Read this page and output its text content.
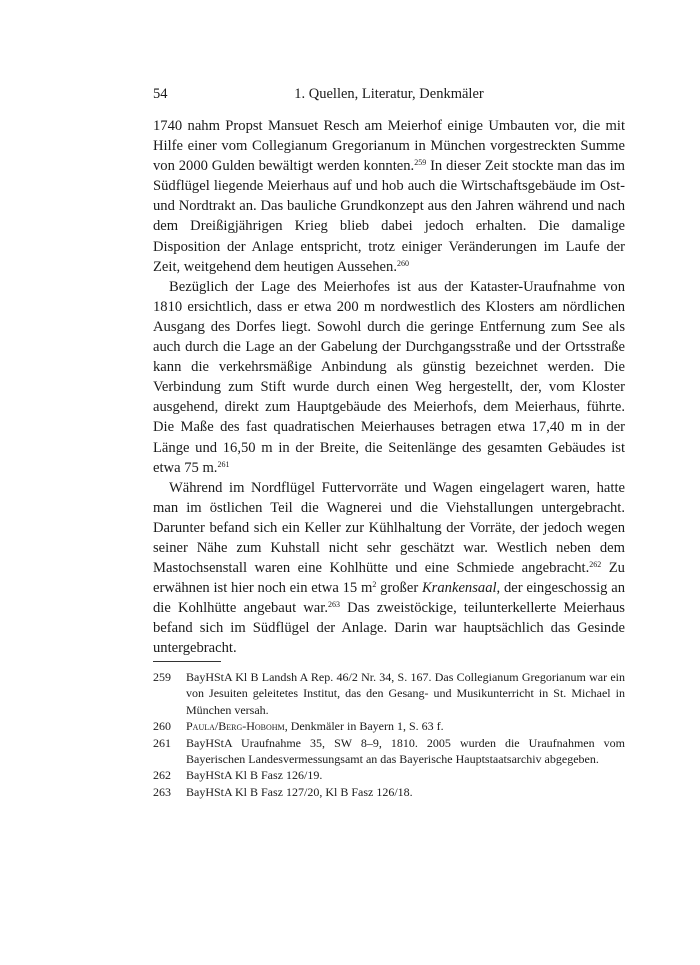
54	1. Quellen, Literatur, Denkmäler

1740 nahm Propst Mansuet Resch am Meierhof einige Umbauten vor, die mit Hilfe einer vom Collegianum Gregorianum in München vorgestreckten Summe von 2000 Gulden bewältigt werden konnten.$^{259}$ In dieser Zeit stockte man das im Südflügel liegende Meierhaus auf und hob auch die Wirtschaftsgebäude im Ost- und Nordtrakt an. Das bauliche Grundkonzept aus den Jahren während und nach dem Dreißigjährigen Krieg blieb dabei jedoch erhalten. Die damalige Disposition der Anlage entspricht, trotz einiger Veränderungen im Laufe der Zeit, weitgehend dem heutigen Aussehen.$^{260}$

Bezüglich der Lage des Meierhofes ist aus der Kataster-Uraufnahme von 1810 ersichtlich, dass er etwa 200 m nordwestlich des Klosters am nördlichen Ausgang des Dorfes liegt. Sowohl durch die geringe Entfernung zum See als auch durch die Lage an der Gabelung der Durchgangsstraße und der Ortsstraße kann die verkehrsmäßige Anbindung als günstig bezeichnet werden. Die Verbindung zum Stift wurde durch einen Weg hergestellt, der, vom Kloster ausgehend, direkt zum Hauptgebäude des Meierhofs, dem Meierhaus, führte. Die Maße des fast quadratischen Meierhauses betragen etwa 17,40 m in der Länge und 16,50 m in der Breite, die Seitenlänge des gesamten Gebäudes ist etwa 75 m.$^{261}$

Während im Nordflügel Futtervorräte und Wagen eingelagert waren, hatte man im östlichen Teil die Wagnerei und die Viehstallungen untergebracht. Darunter befand sich ein Keller zur Kühlhaltung der Vorräte, der jedoch wegen seiner Nähe zum Kuhstall nicht sehr geschätzt war. Westlich neben dem Mastochsenstall waren eine Kohlhütte und eine Schmiede angebracht.$^{262}$ Zu erwähnen ist hier noch ein etwa 15 $m^2$ großer Krankensaal, der eingeschossig an die Kohlhütte angebaut war.$^{263}$ Das zweistöckige, teilunterkellerte Meierhaus befand sich im Südflügel der Anlage. Darin war hauptsächlich das Gesinde untergebracht.

259 BayHStA Kl B Landsh A Rep. 46/2 Nr. 34, S. 167. Das Collegianum Gregorianum war ein von Jesuiten geleitetes Institut, das den Gesang- und Musikunterricht in St. Michael in München versah.
260 Paula/Berg-Hobohm, Denkmäler in Bayern 1, S. 63 f.
261 BayHStA Uraufnahme 35, SW 8–9, 1810. 2005 wurden die Uraufnahmen vom Bayerischen Landesvermessungsamt an das Bayerische Hauptstaatsarchiv abgegeben.
262 BayHStA Kl B Fasz 126/19.
263 BayHStA Kl B Fasz 127/20, Kl B Fasz 126/18.
